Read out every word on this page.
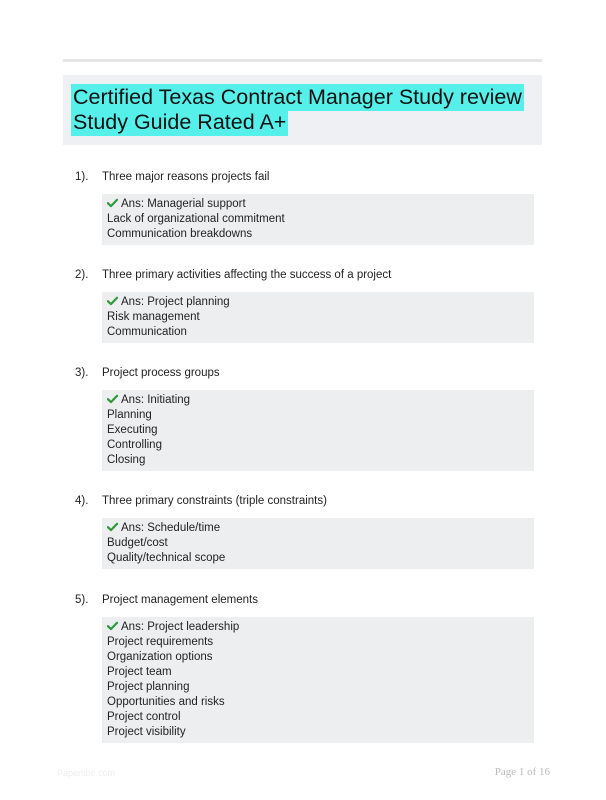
Certified Texas Contract Manager Study review Study Guide Rated A+
1). Three major reasons projects fail
Ans: Managerial support
Lack of organizational commitment
Communication breakdowns
2). Three primary activities affecting the success of a project
Ans: Project planning
Risk management
Communication
3). Project process groups
Ans: Initiating
Planning
Executing
Controlling
Closing
4). Three primary constraints (triple constraints)
Ans: Schedule/time
Budget/cost
Quality/technical scope
5). Project management elements
Ans: Project leadership
Project requirements
Organization options
Project team
Project planning
Opportunities and risks
Project control
Project visibility
Papertibe.com	Page 1 of 16
